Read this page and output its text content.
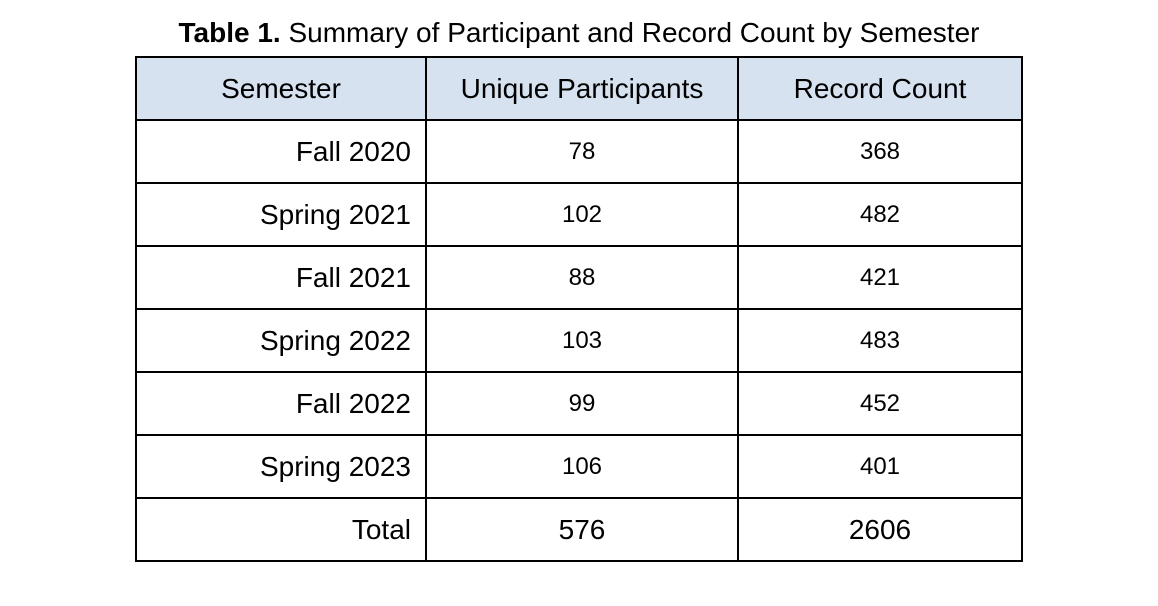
Table 1. Summary of Participant and Record Count by Semester
Semester	Unique Participants	Record Count
Fall 2020	78	368
Spring 2021	102	482
Fall 2021	88	421
Spring 2022	103	483
Fall 2022	99	452
Spring 2023	106	401
Total	576	2606
